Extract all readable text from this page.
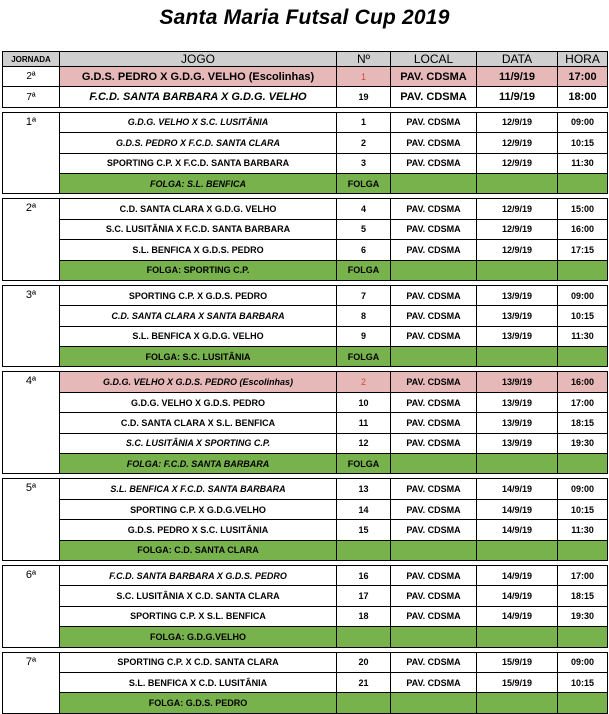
Santa Maria Futsal Cup 2019
JORNADA	JOGO	Nº	LOCAL	DATA	HORA
2ª	G.D.S. PEDRO X G.D.G. VELHO (Escolinhas)	1	PAV. CDSMA	11/9/19	17:00
7ª	F.C.D. SANTA BARBARA X G.D.G. VELHO	19	PAV. CDSMA	11/9/19	18:00

1ª	G.D.G. VELHO X S.C. LUSITÂNIA	1	PAV. CDSMA	12/9/19	09:00
	G.D.S. PEDRO X F.C.D. SANTA CLARA	2	PAV. CDSMA	12/9/19	10:15
	SPORTING C.P. X F.C.D. SANTA BARBARA	3	PAV. CDSMA	12/9/19	11:30
	FOLGA: S.L. BENFICA	FOLGA			

2ª	C.D. SANTA CLARA X G.D.G. VELHO	4	PAV. CDSMA	12/9/19	15:00
	S.C. LUSITÂNIA X F.C.D. SANTA BARBARA	5	PAV. CDSMA	12/9/19	16:00
	S.L. BENFICA X G.D.S. PEDRO	6	PAV. CDSMA	12/9/19	17:15
	FOLGA: SPORTING C.P.	FOLGA			

3ª	SPORTING C.P. X G.D.S. PEDRO	7	PAV. CDSMA	13/9/19	09:00
	C.D. SANTA CLARA X SANTA BARBARA	8	PAV. CDSMA	13/9/19	10:15
	S.L. BENFICA X G.D.G. VELHO	9	PAV. CDSMA	13/9/19	11:30
	FOLGA: S.C. LUSITÂNIA	FOLGA			

4ª	G.D.G. VELHO X G.D.S. PEDRO (Escolinhas)	2	PAV. CDSMA	13/9/19	16:00
	G.D.G. VELHO X G.D.S. PEDRO	10	PAV. CDSMA	13/9/19	17:00
	C.D. SANTA CLARA X S.L. BENFICA	11	PAV. CDSMA	13/9/19	18:15
	S.C. LUSITÂNIA X SPORTING C.P.	12	PAV. CDSMA	13/9/19	19:30
	FOLGA: F.C.D. SANTA BARBARA	FOLGA			

5ª	S.L. BENFICA X F.C.D. SANTA BARBARA	13	PAV. CDSMA	14/9/19	09:00
	SPORTING C.P. X G.D.G.VELHO	14	PAV. CDSMA	14/9/19	10:15
	G.D.S. PEDRO X S.C. LUSITÂNIA	15	PAV. CDSMA	14/9/19	11:30
	FOLGA: C.D. SANTA CLARA				

6ª	F.C.D. SANTA BARBARA X G.D.S. PEDRO	16	PAV. CDSMA	14/9/19	17:00
	S.C. LUSITÂNIA X C.D. SANTA CLARA	17	PAV. CDSMA	14/9/19	18:15
	SPORTING C.P. X S.L. BENFICA	18	PAV. CDSMA	14/9/19	19:30
	FOLGA: G.D.G.VELHO				

7ª	SPORTING C.P. X C.D. SANTA CLARA	20	PAV. CDSMA	15/9/19	09:00
	S.L. BENFICA X C.D. LUSITÂNIA	21	PAV. CDSMA	15/9/19	10:15
	FOLGA: G.D.S. PEDRO				
